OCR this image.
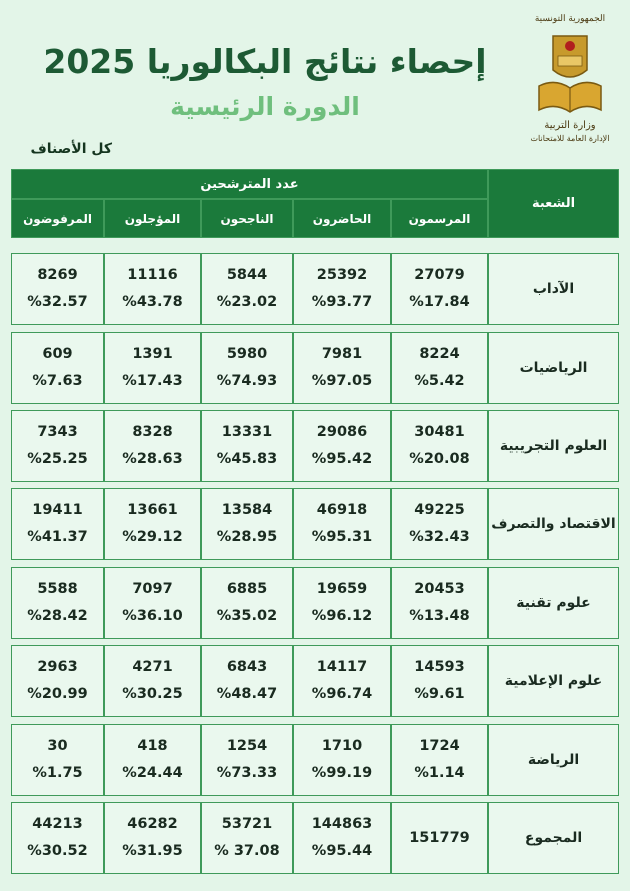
إحصاء نتائج البكالوريا 2025
الدورة الرئيسية
الجمهورية التونسية
وزارة التربية
الإدارة العامة للامتحانات
كل الأصناف
الشعبة
عدد المترشحين
المرسمون
الحاضرون
الناجحون
المؤجلون
المرفوضون
الآداب
27079
%17.84
25392
%93.77
5844
%23.02
11116
%43.78
8269
%32.57
الرياضيات
8224
%5.42
7981
%97.05
5980
%74.93
1391
%17.43
609
%7.63
العلوم التجريبية
30481
%20.08
29086
%95.42
13331
%45.83
8328
%28.63
7343
%25.25
الاقتصاد والتصرف
49225
%32.43
46918
%95.31
13584
%28.95
13661
%29.12
19411
%41.37
علوم تقنية
20453
%13.48
19659
%96.12
6885
%35.02
7097
%36.10
5588
%28.42
علوم الإعلامية
14593
%9.61
14117
%96.74
6843
%48.47
4271
%30.25
2963
%20.99
الرياضة
1724
%1.14
1710
%99.19
1254
%73.33
418
%24.44
30
%1.75
المجموع
151779
144863
%95.44
53721
% 37.08
46282
%31.95
44213
%30.52
